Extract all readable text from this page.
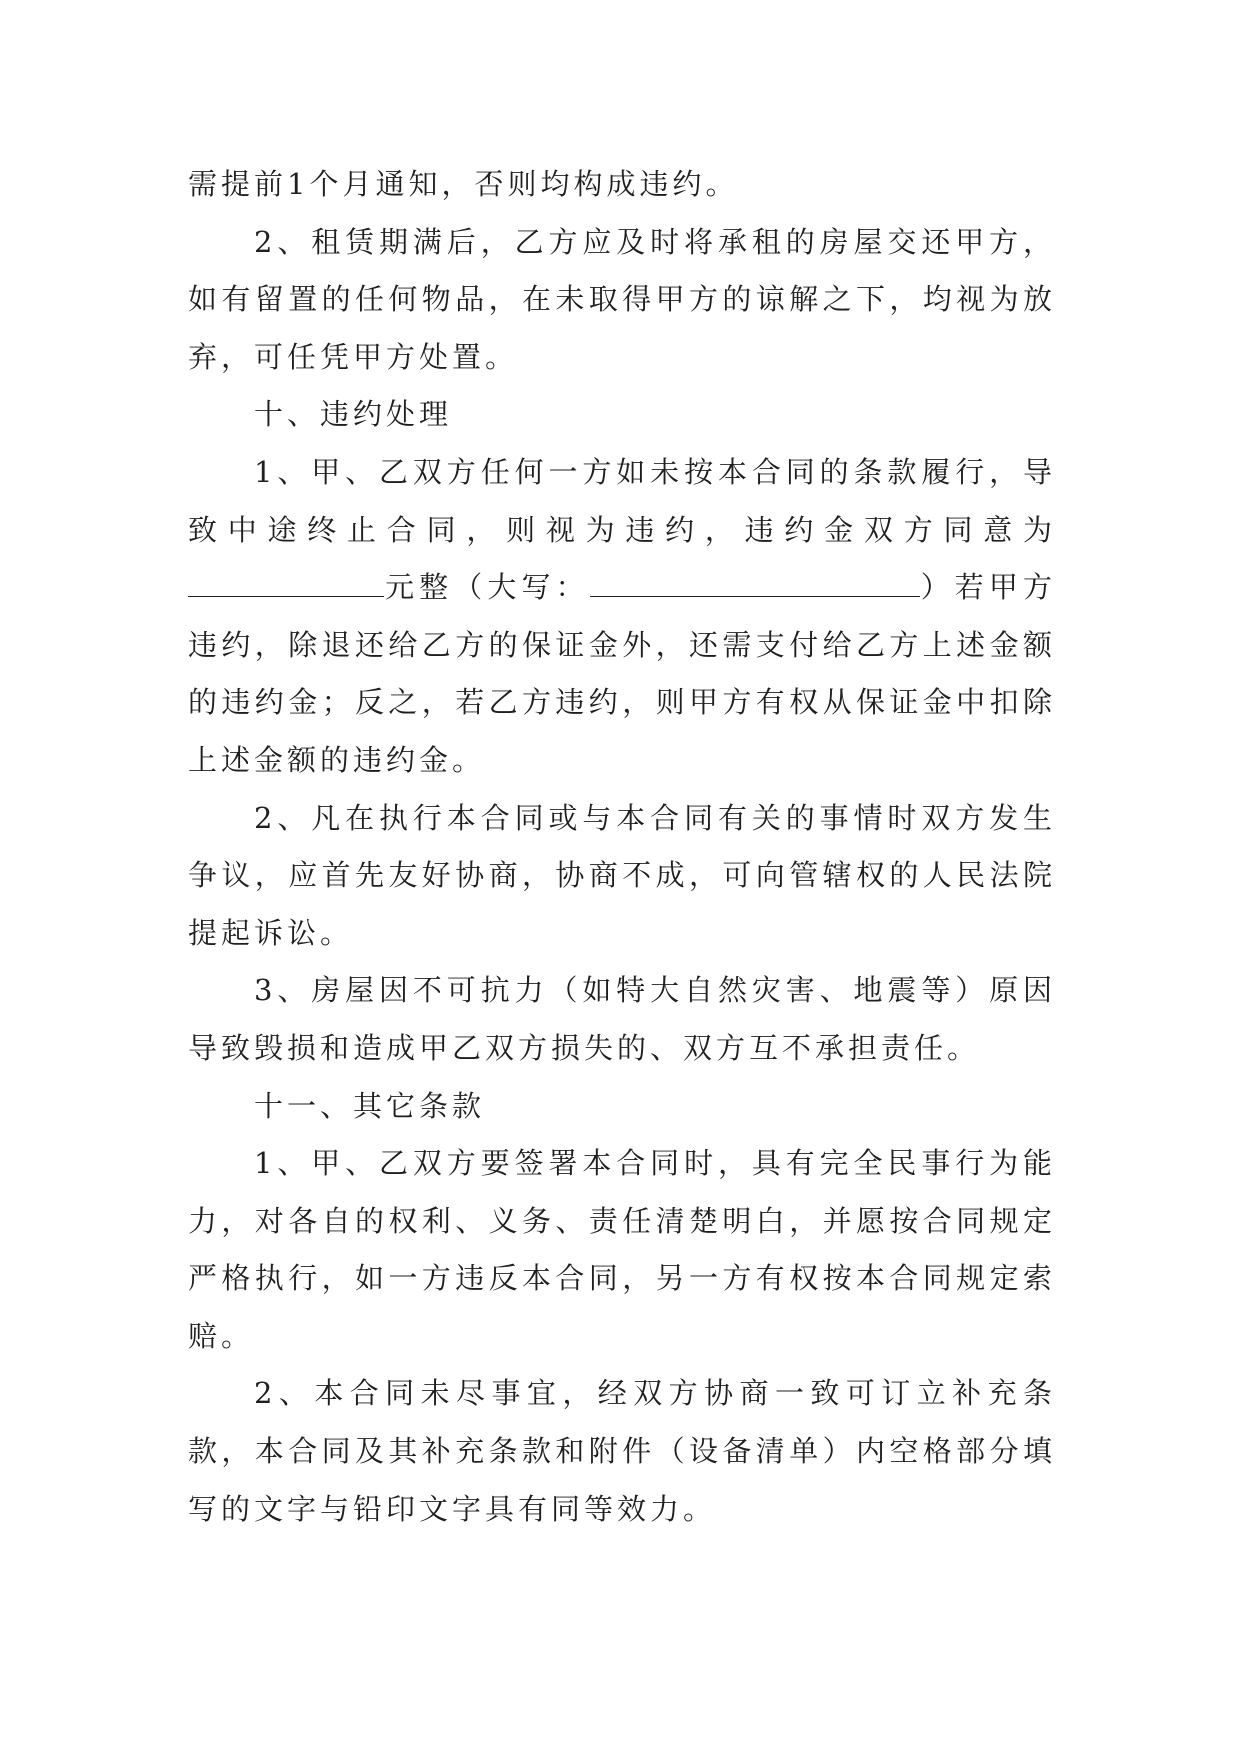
需提前1个月通知，否则均构成违约。

2、租赁期满后，乙方应及时将承租的房屋交还甲方，如有留置的任何物品，在未取得甲方的谅解之下，均视为放弃，可任凭甲方处置。

十、违约处理

1、甲、乙双方任何一方如未按本合同的条款履行，导致中途终止合同，则视为违约，违约金双方同意为元整（大写：	）若甲方违约，除退还给乙方的保证金外，还需支付给乙方上述金额的违约金；反之，若乙方违约，则甲方有权从保证金中扣除上述金额的违约金。

2、凡在执行本合同或与本合同有关的事情时双方发生争议，应首先友好协商，协商不成，可向管辖权的人民法院提起诉讼。

3、房屋因不可抗力（如特大自然灾害、地震等）原因导致毁损和造成甲乙双方损失的、双方互不承担责任。

十一、其它条款

1、甲、乙双方要签署本合同时，具有完全民事行为能力，对各自的权利、义务、责任清楚明白，并愿按合同规定严格执行，如一方违反本合同，另一方有权按本合同规定索赔。

2、本合同未尽事宜，经双方协商一致可订立补充条款，本合同及其补充条款和附件（设备清单）内空格部分填写的文字与铅印文字具有同等效力。
